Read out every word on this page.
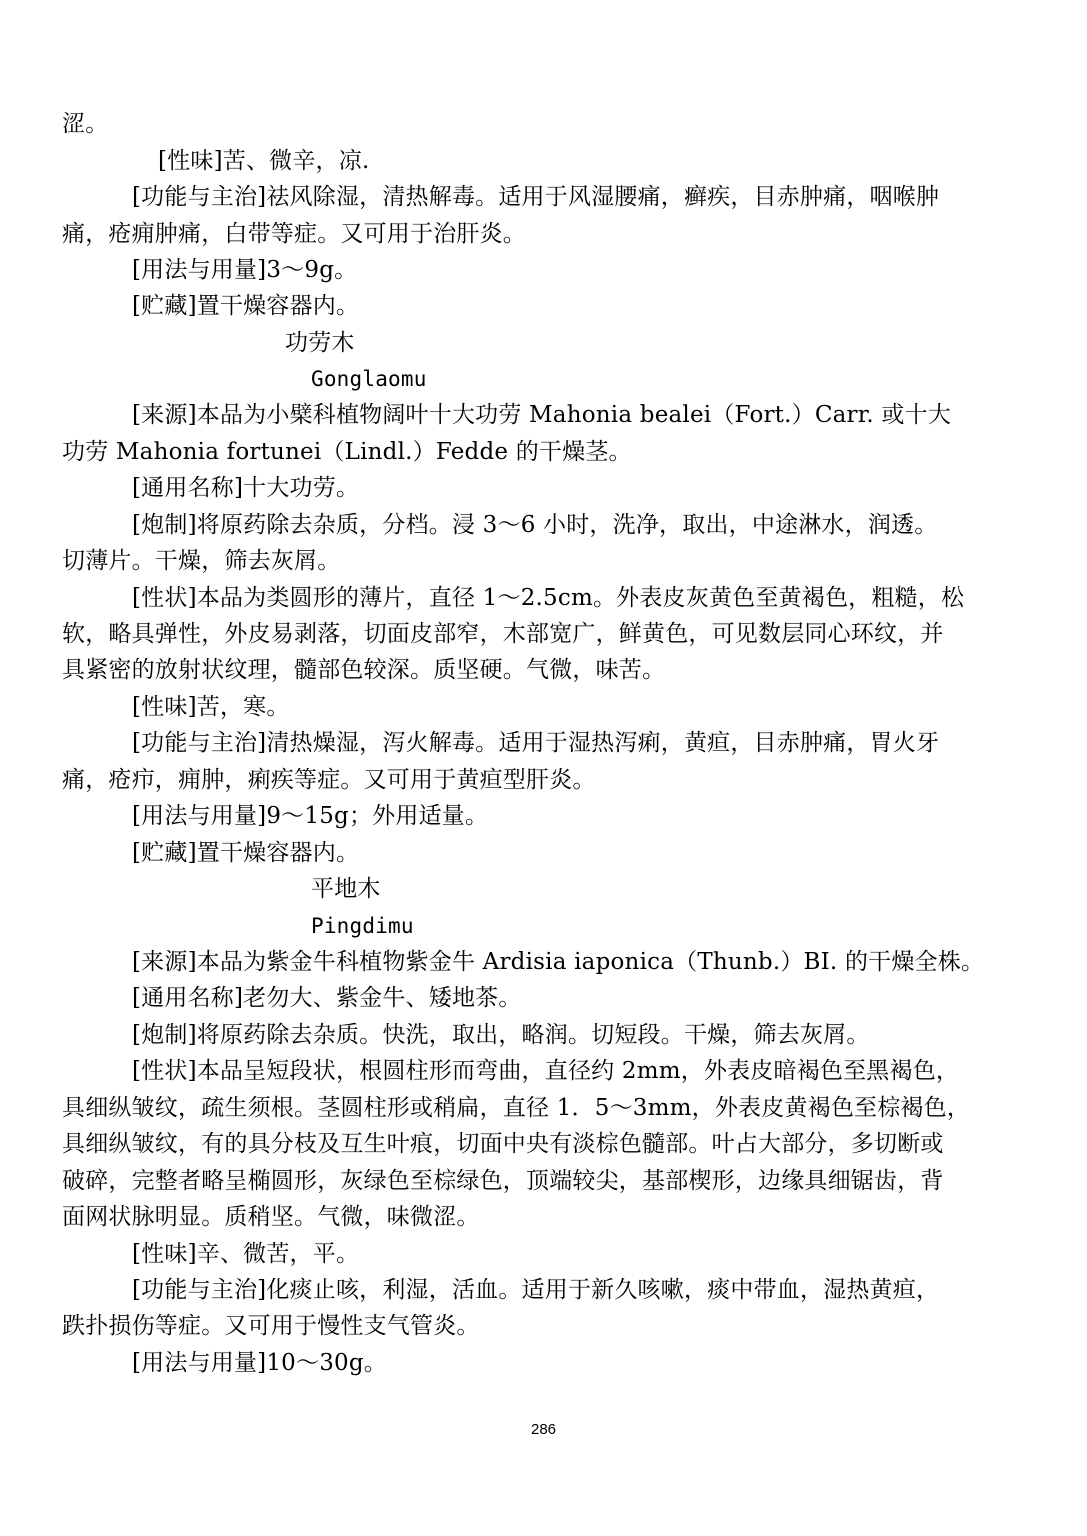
涩。
[性味]苦、微辛，凉.
[功能与主治]祛风除湿，清热解毒。适用于风湿腰痛，癣疾，目赤肿痛，咽喉肿
痛，疮痈肿痛，白带等症。又可用于治肝炎。
[用法与用量]3～9g。
[贮藏]置干燥容器内。
功劳木
Gonglaomu
[来源]本品为小檗科植物阔叶十大功劳 Mahonia bealei（Fort.）Carr. 或十大
功劳 Mahonia fortunei（Lindl.）Fedde 的干燥茎。
[通用名称]十大功劳。
[炮制]将原药除去杂质，分档。浸 3～6 小时，洗净，取出，中途淋水，润透。
切薄片。干燥，筛去灰屑。
[性状]本品为类圆形的薄片，直径 1～2.5cm。外表皮灰黄色至黄褐色，粗糙，松
软，略具弹性，外皮易剥落，切面皮部窄，木部宽广，鲜黄色，可见数层同心环纹，并
具紧密的放射状纹理，髓部色较深。质坚硬。气微，味苦。
[性味]苦，寒。
[功能与主治]清热燥湿，泻火解毒。适用于湿热泻痢，黄疸，目赤肿痛，胃火牙
痛，疮疖，痈肿，痢疾等症。又可用于黄疸型肝炎。
[用法与用量]9～15g；外用适量。
[贮藏]置干燥容器内。
平地木
Pingdimu
[来源]本品为紫金牛科植物紫金牛 Ardisia iaponica（Thunb.）BI. 的干燥全株。
[通用名称]老勿大、紫金牛、矮地茶。
[炮制]将原药除去杂质。快洗，取出，略润。切短段。干燥，筛去灰屑。
[性状]本品呈短段状，根圆柱形而弯曲，直径约 2mm，外表皮暗褐色至黑褐色，
具细纵皱纹，疏生须根。茎圆柱形或稍扁，直径 1．5～3mm，外表皮黄褐色至棕褐色，
具细纵皱纹，有的具分枝及互生叶痕，切面中央有淡棕色髓部。叶占大部分，多切断或
破碎，完整者略呈椭圆形，灰绿色至棕绿色，顶端较尖，基部楔形，边缘具细锯齿，背
面网状脉明显。质稍坚。气微，味微涩。
[性味]辛、微苦，平。
[功能与主治]化痰止咳，利湿，活血。适用于新久咳嗽，痰中带血，湿热黄疸，
跌扑损伤等症。又可用于慢性支气管炎。
[用法与用量]10～30g。
286
